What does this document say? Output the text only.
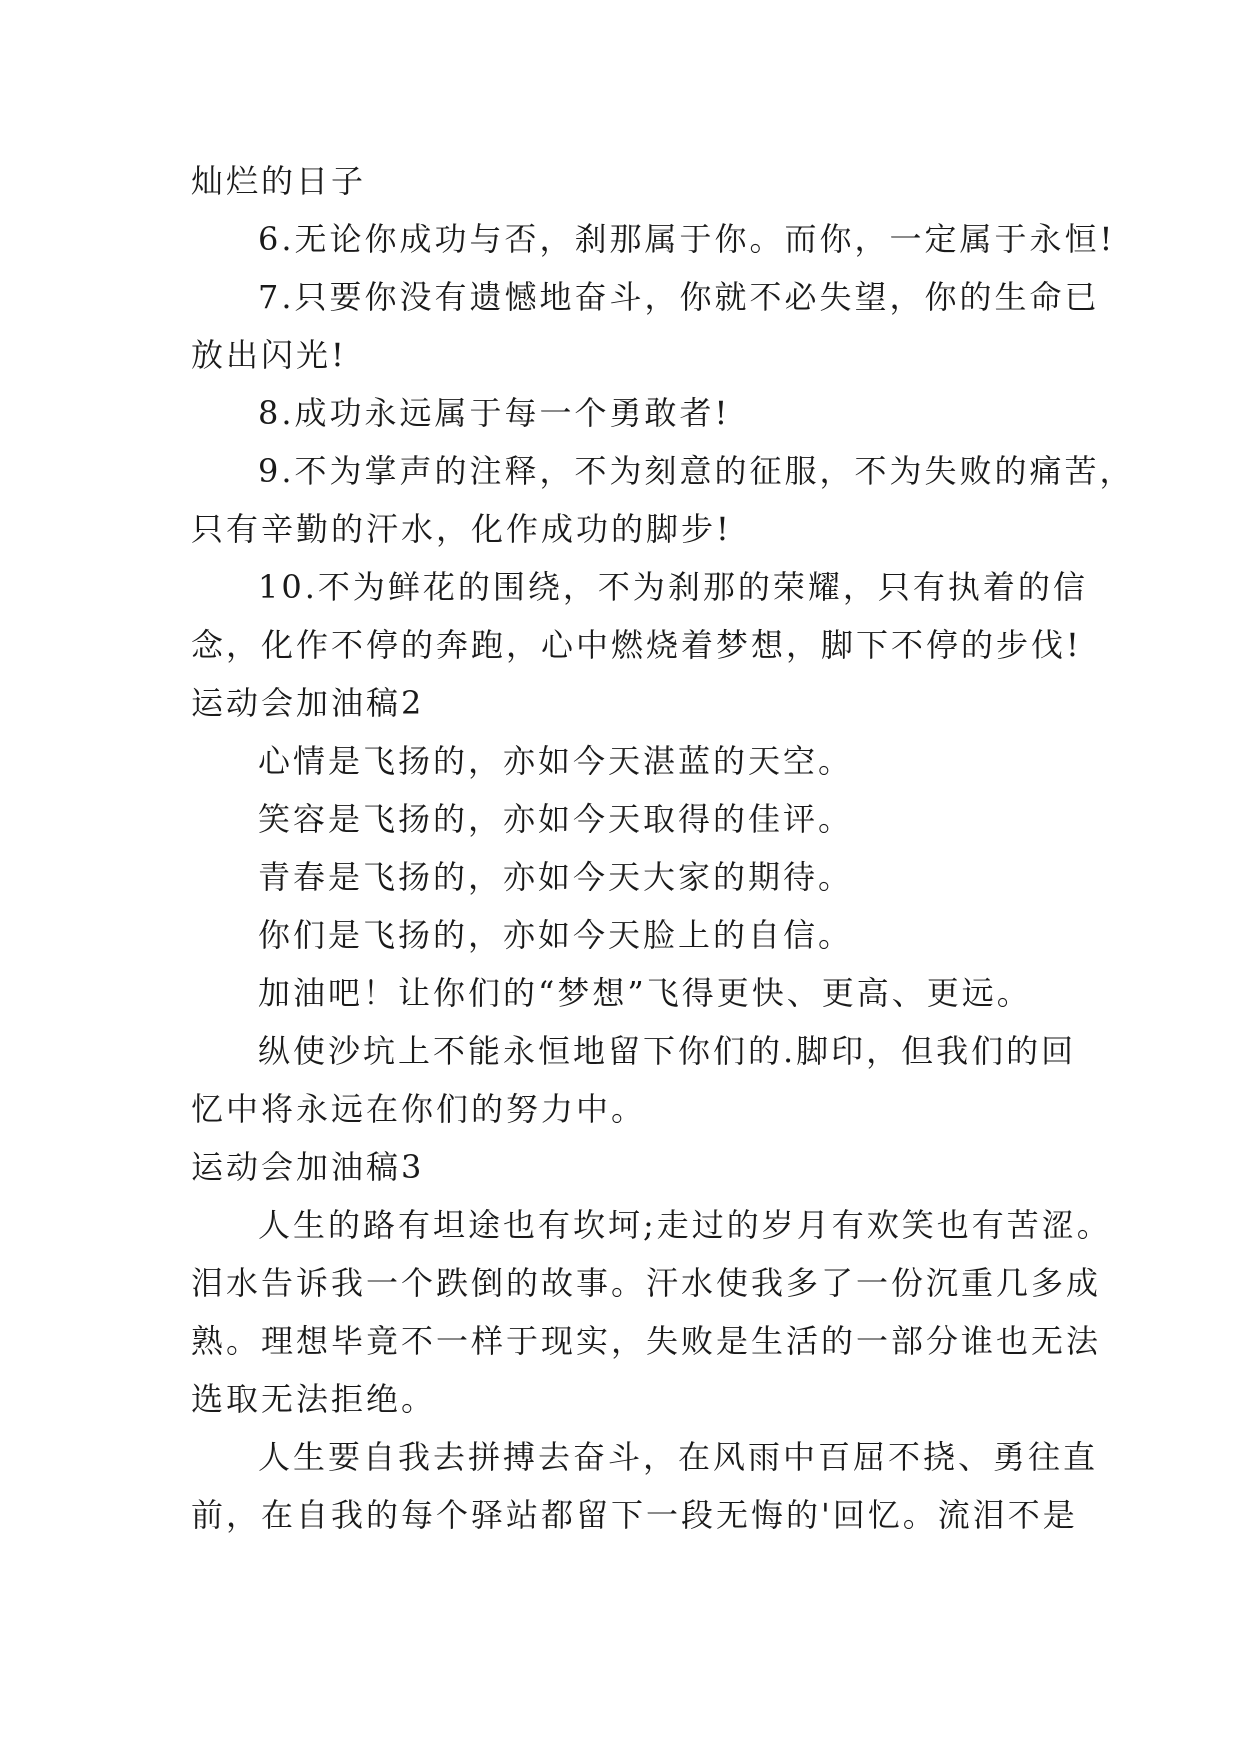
灿烂的日子
6.无论你成功与否，刹那属于你。而你，一定属于永恒!
7.只要你没有遗憾地奋斗，你就不必失望，你的生命已
放出闪光!
8.成功永远属于每一个勇敢者!
9.不为掌声的注释，不为刻意的征服，不为失败的痛苦，
只有辛勤的汗水，化作成功的脚步!
10.不为鲜花的围绕，不为刹那的荣耀，只有执着的信
念，化作不停的奔跑，心中燃烧着梦想，脚下不停的步伐!
运动会加油稿2
心情是飞扬的，亦如今天湛蓝的天空。
笑容是飞扬的，亦如今天取得的佳评。
青春是飞扬的，亦如今天大家的期待。
你们是飞扬的，亦如今天脸上的自信。
加油吧！让你们的“梦想”飞得更快、更高、更远。
纵使沙坑上不能永恒地留下你们的.脚印，但我们的回
忆中将永远在你们的努力中。
运动会加油稿3
人生的路有坦途也有坎坷;走过的岁月有欢笑也有苦涩。
泪水告诉我一个跌倒的故事。汗水使我多了一份沉重几多成
熟。理想毕竟不一样于现实，失败是生活的一部分谁也无法
选取无法拒绝。
人生要自我去拼搏去奋斗，在风雨中百屈不挠、勇往直
前，在自我的每个驿站都留下一段无悔的'回忆。流泪不是
